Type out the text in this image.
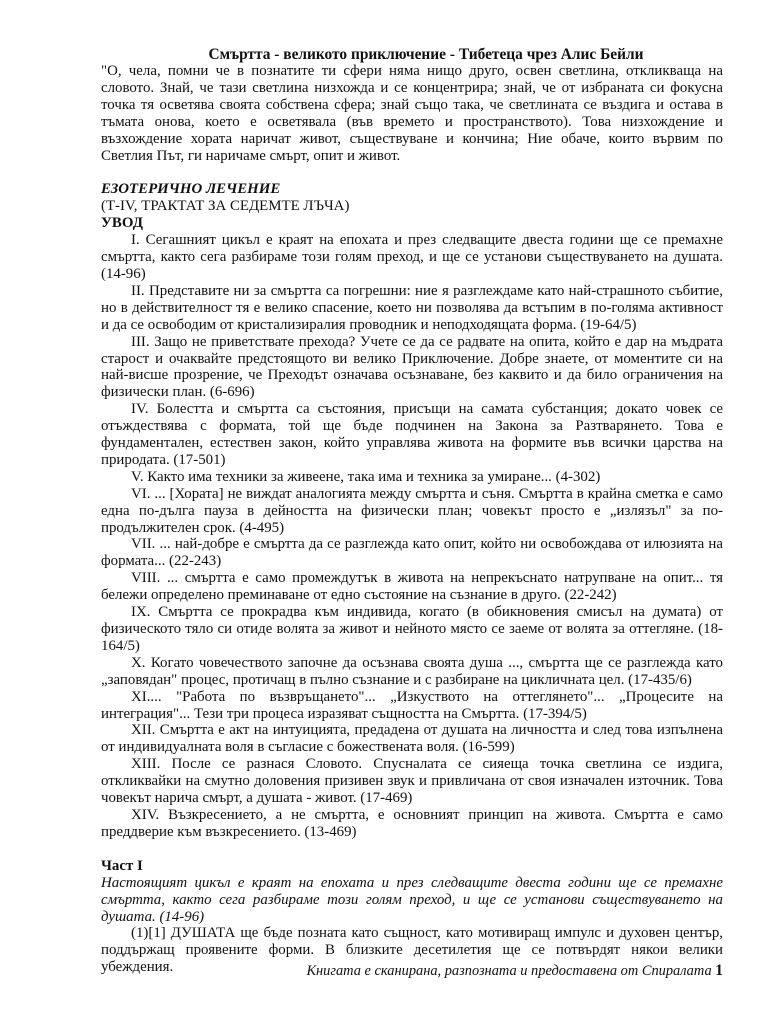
Смъртта - великото приключение - Тибетеца чрез Алис Бейли

"О, чела, помни че в познатите ти сфери няма нищо друго, освен светлина, откликваща на словото. Знай, че тази светлина низхожда и се концентрира; знай, че от избраната си фокусна точка тя осветява своята собствена сфера; знай също така, че светлината се въздига и остава в тъмата онова, което е осветявала (във времето и пространството). Това низхождение и възхождение хората наричат живот, съществуване и кончина; Ние обаче, които вървим по Светлия Път, ги наричаме смърт, опит и живот.

ЕЗОТЕРИЧНО ЛЕЧЕНИЕ

(Т-IV, ТРАКТАТ ЗА СЕДЕМТЕ ЛЪЧА)

УВОД

I. Сегашният цикъл е краят на епохата и през следващите двеста години ще се премахне смъртта, както сега разбираме този голям преход, и ще се установи съществуването на душата. (14-96)

II. Представите ни за смъртта са погрешни: ние я разглеждаме като най-страшното събитие, но в действителност тя е велико спасение, което ни позволява да встъпим в по-голяма активност и да се освободим от кристализиралия проводник и неподходящата форма. (19-64/5)

III. Защо не приветствате прехода? Учете се да се радвате на опита, който е дар на мъдрата старост и очаквайте предстоящото ви велико Приключение. Добре знаете, от моментите си на най-висше прозрение, че Преходът означава осъзнаване, без каквито и да било ограничения на физически план. (6-696)

IV. Болестта и смъртта са състояния, присъщи на самата субстанция; докато човек се отъждествява с формата, той ще бъде подчинен на Закона за Разтварянето. Това е фундаментален, естествен закон, който управлява живота на формите във всички царства на природата. (17-501)

V. Както има техники за живеене, така има и техника за умиране... (4-302)

VI. ... [Хората] не виждат аналогията между смъртта и съня. Смъртта в крайна сметка е само една по-дълга пауза в дейността на физически план; човекът просто е „излязъл" за по-продължителен срок. (4-495)

VII. ... най-добре е смъртта да се разглежда като опит, който ни освобождава от илюзията на формата... (22-243)

VIII. ... смъртта е само промеждутък в живота на непрекъснато натрупване на опит... тя бележи определено преминаване от едно състояние на съзнание в друго. (22-242)

IX. Смъртта се прокрадва към индивида, когато (в обикновения смисъл на думата) от физическото тяло си отиде волята за живот и нейното място се заеме от волята за оттегляне. (18-164/5)

X. Когато човечеството започне да осъзнава своята душа ..., смъртта ще се разглежда като „заповядан" процес, протичащ в пълно съзнание и с разбиране на цикличната цел. (17-435/6)

XI.... "Работа по възвръщането"... „Изкуството на оттеглянето"... „Процесите на интеграция"... Тези три процеса изразяват същността на Смъртта. (17-394/5)

XII. Смъртта е акт на интуицията, предадена от душата на личността и след това изпълнена от индивидуалната воля в съгласие с божествената воля. (16-599)

XIII. После се разнася Словото. Спусналата се сияеща точка светлина се издига, откликвайки на смутно доловения призивен звук и привличана от своя изначален източник. Това човекът нарича смърт, а душата - живот. (17-469)

XIV. Възкресението, а не смъртта, е основният принцип на живота. Смъртта е само преддверие към възкресението. (13-469)

Част I

Настоящият цикъл е краят на епохата и през следващите двеста години ще се премахне смъртта, както сега разбираме този голям преход, и ще се установи съществуването на душата. (14-96)

(1)[1] ДУШАТА ще бъде позната като същност, като мотивиращ импулс и духовен център, поддържащ проявените форми. В близките десетилетия ще се потвърдят някои велики убеждения.	Книгата е сканирана, разпозната и предоставена от Спиралата 1
